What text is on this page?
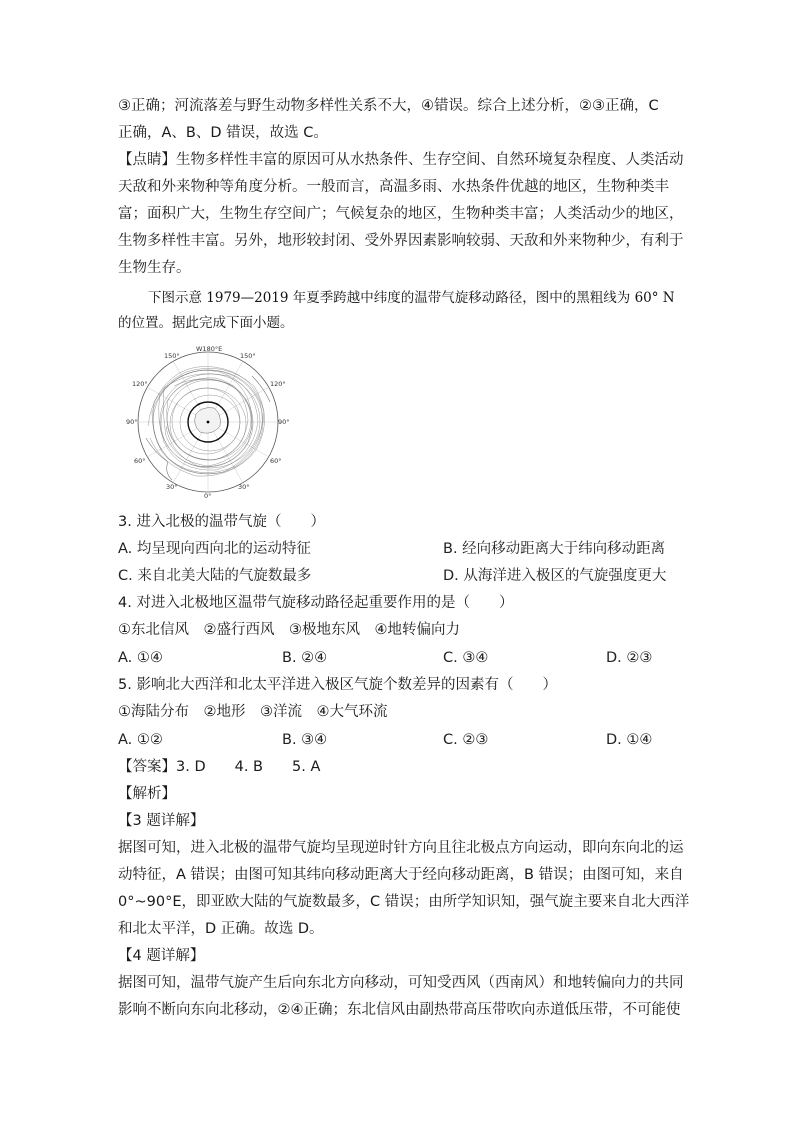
③正确；河流落差与野生动物多样性关系不大，④错误。综合上述分析，②③正确，C
正确，A、B、D 错误，故选 C。
【点睛】生物多样性丰富的原因可从水热条件、生存空间、自然环境复杂程度、人类活动
天敌和外来物种等角度分析。一般而言，高温多雨、水热条件优越的地区，生物种类丰
富；面积广大，生物生存空间广；气候复杂的地区，生物种类丰富；人类活动少的地区，
生物多样性丰富。另外，地形较封闭、受外界因素影响较弱、天敌和外来物种少，有利于
生物生存。
下图示意 1979—2019 年夏季跨越中纬度的温带气旋移动路径，图中的黑粗线为 60° N
的位置。据此完成下面小题。
W180°E
150°	150°
120°	120°
90°	90°
60°	60°
30°	30°
0°
3. 进入北极的温带气旋（　　）
A. 均呈现向西向北的运动特征	B. 经向移动距离大于纬向移动距离
C. 来自北美大陆的气旋数最多	D. 从海洋进入极区的气旋强度更大
4. 对进入北极地区温带气旋移动路径起重要作用的是（　　）
①东北信风　②盛行西风　③极地东风　④地转偏向力
A. ①④	B. ②④	C. ③④	D. ②③
5. 影响北大西洋和北太平洋进入极区气旋个数差异的因素有（　　）
①海陆分布　②地形　③洋流　④大气环流
A. ①②	B. ③④	C. ②③	D. ①④
【答案】3. D　　4. B　　5. A
【解析】
【3 题详解】
据图可知，进入北极的温带气旋均呈现逆时针方向且往北极点方向运动，即向东向北的运
动特征，A 错误；由图可知其纬向移动距离大于经向移动距离，B 错误；由图可知，来自
0°~90°E，即亚欧大陆的气旋数最多，C 错误；由所学知识知，强气旋主要来自北大西洋
和北太平洋，D 正确。故选 D。
【4 题详解】
据图可知，温带气旋产生后向东北方向移动，可知受西风（西南风）和地转偏向力的共同
影响不断向东向北移动，②④正确；东北信风由副热带高压带吹向赤道低压带，不可能使
